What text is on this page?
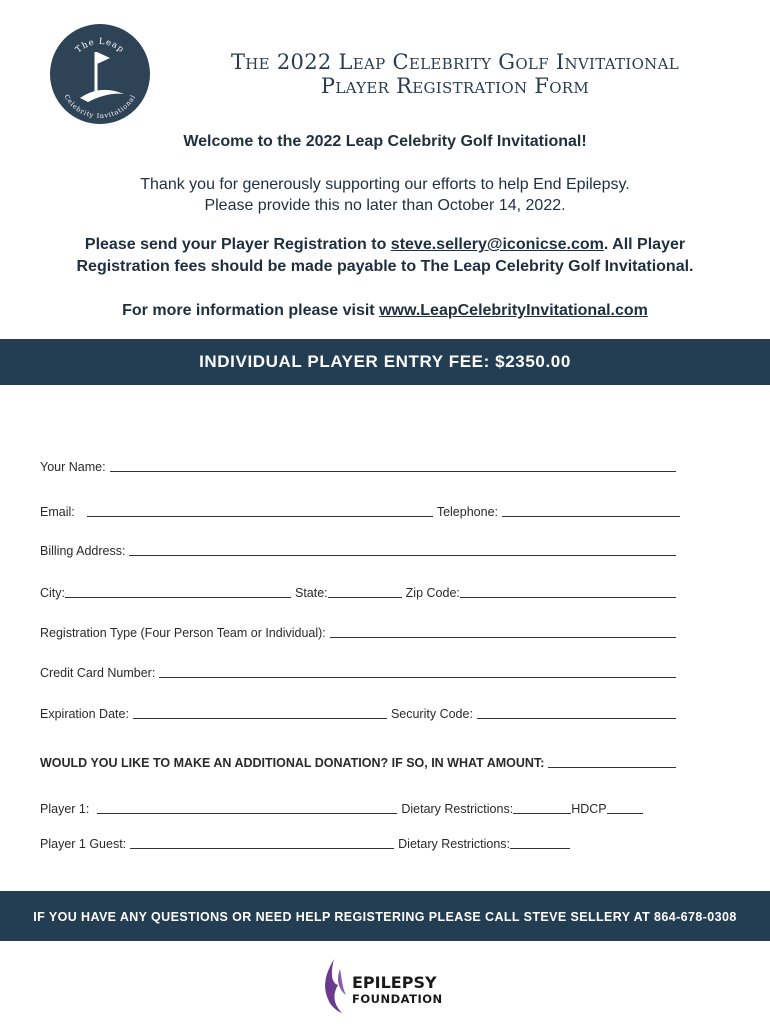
The Leap
Celebrity Invitational
The 2022 Leap Celebrity Golf Invitational
Player Registration Form
Welcome to the 2022 Leap Celebrity Golf Invitational!
Thank you for generously supporting our efforts to help End Epilepsy.
Please provide this no later than October 14, 2022.
Please send your Player Registration to steve.sellery@iconicse.com. All Player
Registration fees should be made payable to The Leap Celebrity Golf Invitational.
For more information please visit www.LeapCelebrityInvitational.com
INDIVIDUAL PLAYER ENTRY FEE: $2350.00
Your Name:
Email:	Telephone:
Billing Address:
City:	State:	Zip Code:
Registration Type (Four Person Team or Individual):
Credit Card Number:
Expiration Date:	Security Code:
WOULD YOU LIKE TO MAKE AN ADDITIONAL DONATION? IF SO, IN WHAT AMOUNT:
Player 1:	Dietary Restrictions:	HDCP
Player 1 Guest:	Dietary Restrictions:
IF YOU HAVE ANY QUESTIONS OR NEED HELP REGISTERING PLEASE CALL STEVE SELLERY AT 864-678-0308
EPILEPSY
FOUNDATION
